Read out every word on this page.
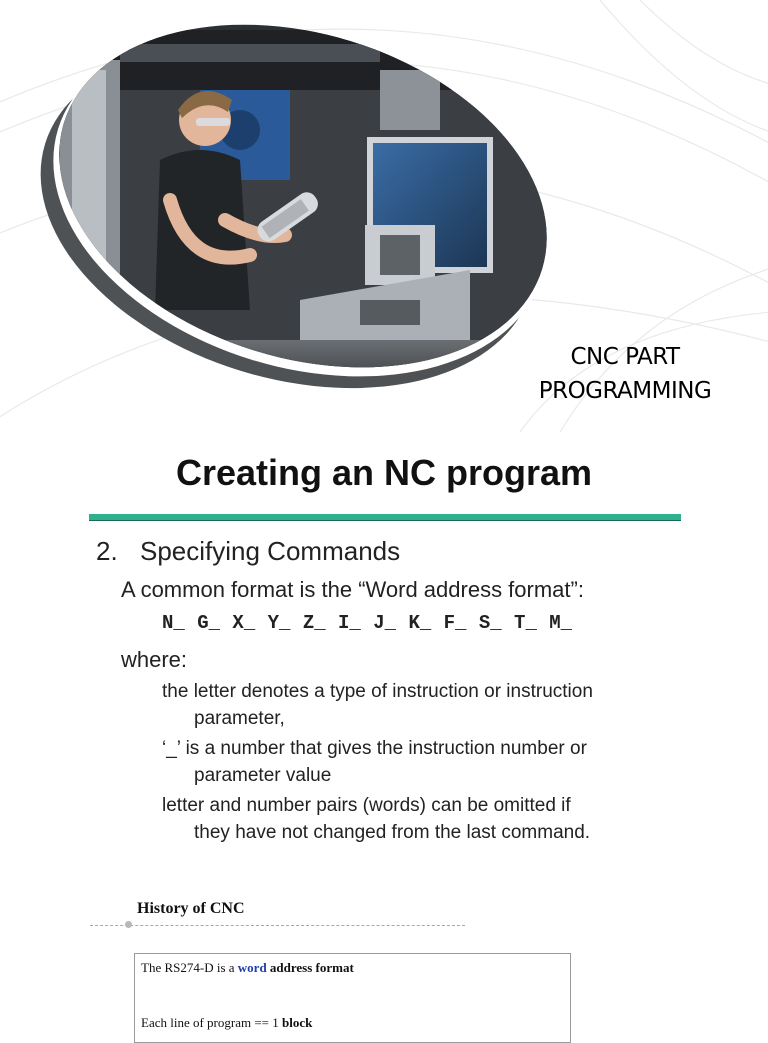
CNC PART
PROGRAMMING
Creating an NC program
2. Specifying Commands
A common format is the “Word address format”:
N_ G_ X_ Y_ Z_ I_ J_ K_ F_ S_ T_ M_
where:
the letter denotes a type of instruction or instruction
parameter,
‘_’ is a number that gives the instruction number or
parameter value
letter and number pairs (words) can be omitted if
they have not changed from the last command.
History of CNC
The RS274-D is a word address format
Each line of program == 1 block
